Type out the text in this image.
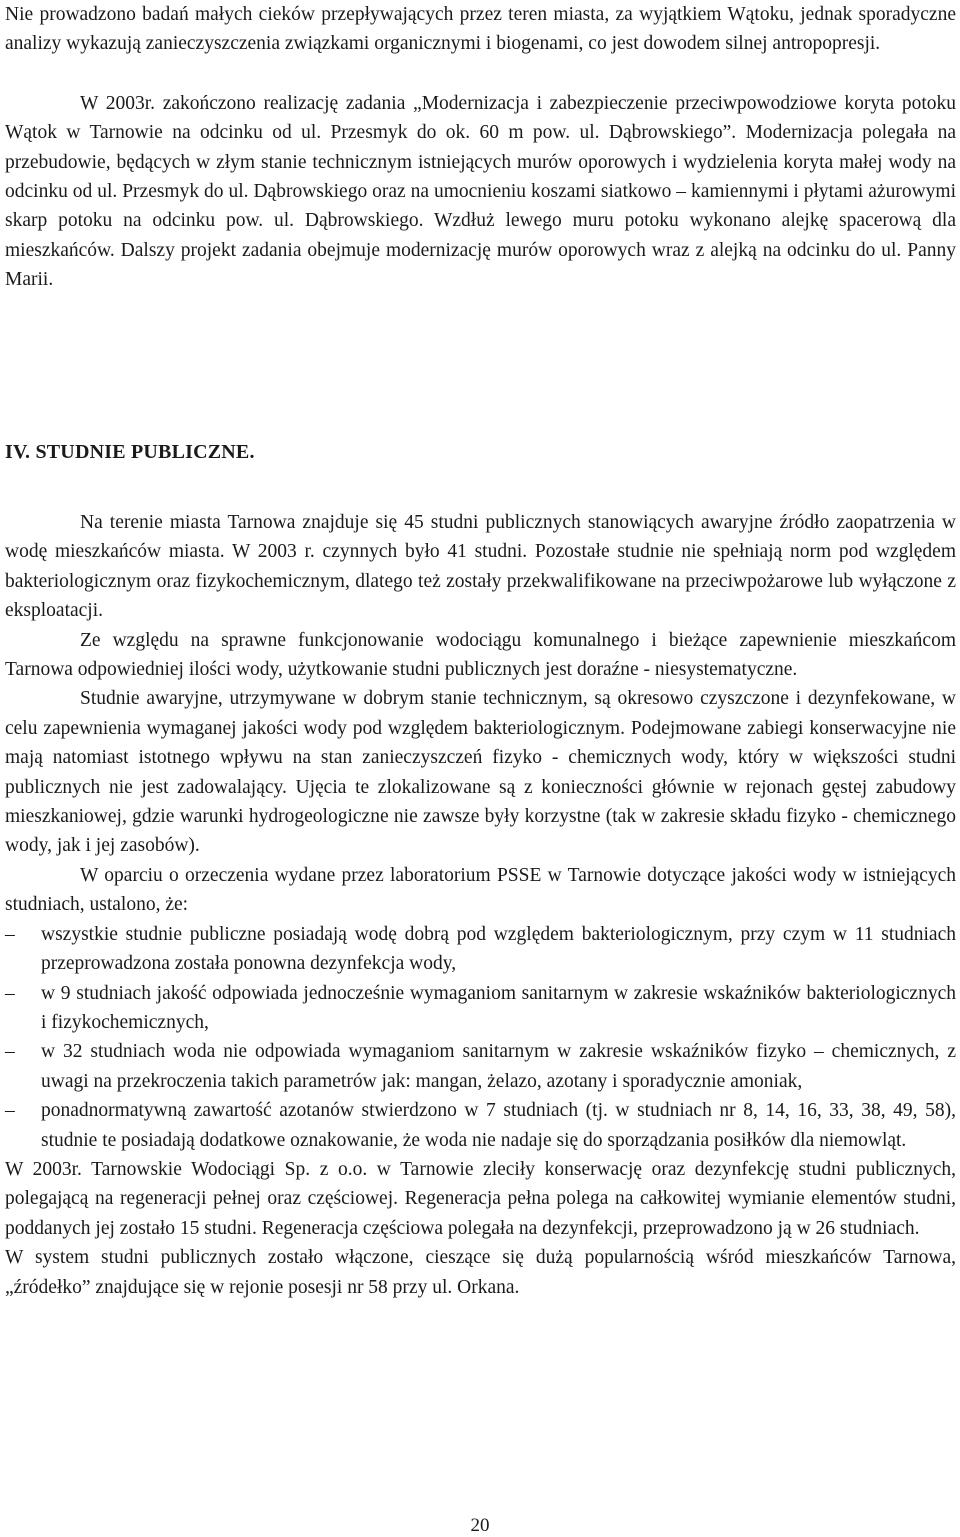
Nie prowadzono badań małych cieków przepływających przez teren miasta, za wyjątkiem Wątoku, jednak sporadyczne analizy wykazują zanieczyszczenia związkami organicznymi i biogenami, co jest dowodem silnej antropopresji.

W 2003r. zakończono realizację zadania „Modernizacja i zabezpieczenie przeciwpowodziowe koryta potoku Wątok w Tarnowie na odcinku od ul. Przesmyk do ok. 60 m pow. ul. Dąbrowskiego”. Modernizacja polegała na przebudowie, będących w złym stanie technicznym istniejących murów oporowych i wydzielenia koryta małej wody na odcinku od ul. Przesmyk do ul. Dąbrowskiego oraz na umocnieniu koszami siatkowo – kamiennymi i płytami ażurowymi skarp potoku na odcinku pow. ul. Dąbrowskiego. Wzdłuż lewego muru potoku wykonano alejkę spacerową dla mieszkańców. Dalszy projekt zadania obejmuje modernizację murów oporowych wraz z alejką na odcinku do ul. Panny Marii.

IV. STUDNIE PUBLICZNE.

Na terenie miasta Tarnowa znajduje się 45 studni publicznych stanowiących awaryjne źródło zaopatrzenia w wodę mieszkańców miasta. W 2003 r. czynnych było 41 studni. Pozostałe studnie nie spełniają norm pod względem bakteriologicznym oraz fizykochemicznym, dlatego też zostały przekwalifikowane na przeciwpożarowe lub wyłączone z eksploatacji.

Ze względu na sprawne funkcjonowanie wodociągu komunalnego i bieżące zapewnienie mieszkańcom Tarnowa odpowiedniej ilości wody, użytkowanie studni publicznych jest doraźne - niesystematyczne.

Studnie awaryjne, utrzymywane w dobrym stanie technicznym, są okresowo czyszczone i dezynfekowane, w celu zapewnienia wymaganej jakości wody pod względem bakteriologicznym. Podejmowane zabiegi konserwacyjne nie mają natomiast istotnego wpływu na stan zanieczyszczeń fizyko - chemicznych wody, który w większości studni publicznych nie jest zadowalający. Ujęcia te zlokalizowane są z konieczności głównie w rejonach gęstej zabudowy mieszkaniowej, gdzie warunki hydrogeologiczne nie zawsze były korzystne (tak w zakresie składu fizyko - chemicznego wody, jak i jej zasobów).

W oparciu o orzeczenia wydane przez laboratorium PSSE w Tarnowie dotyczące jakości wody w istniejących studniach, ustalono, że:

–	wszystkie studnie publiczne posiadają wodę dobrą pod względem bakteriologicznym, przy czym w 11 studniach przeprowadzona została ponowna dezynfekcja wody,
–	w 9 studniach jakość odpowiada jednocześnie wymaganiom sanitarnym w zakresie wskaźników bakteriologicznych i fizykochemicznych,
–	w 32 studniach woda nie odpowiada wymaganiom sanitarnym w zakresie wskaźników fizyko – chemicznych, z uwagi na przekroczenia takich parametrów jak: mangan, żelazo, azotany i sporadycznie amoniak,
–	ponadnormatywną zawartość azotanów stwierdzono w 7 studniach (tj. w studniach nr 8, 14, 16, 33, 38, 49, 58), studnie te posiadają dodatkowe oznakowanie, że woda nie nadaje się do sporządzania posiłków dla niemowląt.

W 2003r. Tarnowskie Wodociągi Sp. z o.o. w Tarnowie zleciły konserwację oraz dezynfekcję studni publicznych, polegającą na regeneracji pełnej oraz częściowej. Regeneracja pełna polega na całkowitej wymianie elementów studni, poddanych jej zostało 15 studni. Regeneracja częściowa polegała na dezynfekcji, przeprowadzono ją w 26 studniach.

W system studni publicznych zostało włączone, cieszące się dużą popularnością wśród mieszkańców Tarnowa, „źródełko” znajdujące się w rejonie posesji nr 58 przy ul. Orkana.

20
